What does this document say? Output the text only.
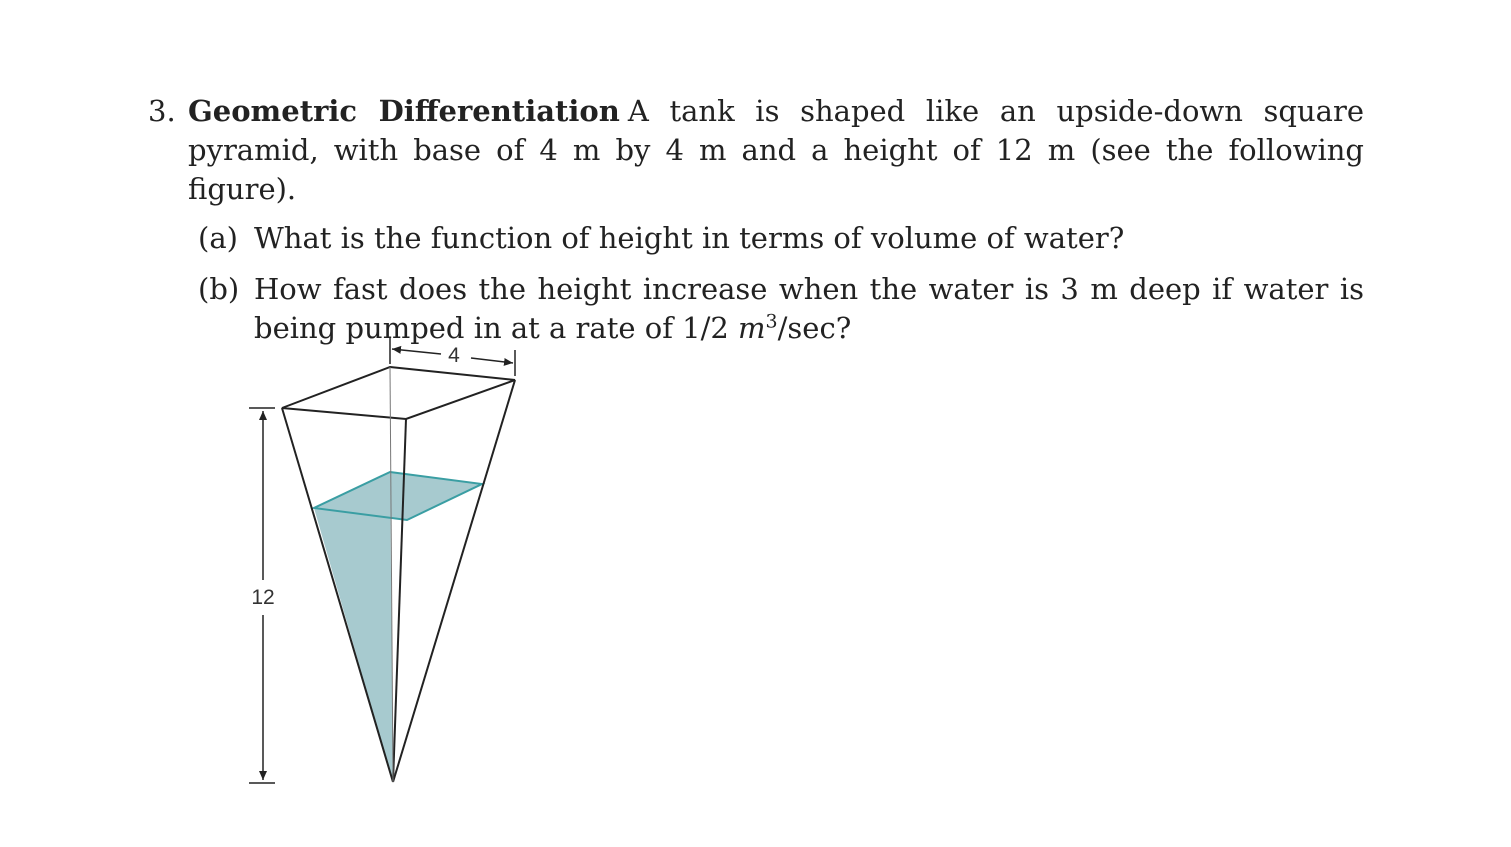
3. Geometric Differentiation A tank is shaped like an upside-down square pyramid, with base of 4 m by 4 m and a height of 12 m (see the following figure).
(a) What is the function of height in terms of volume of water?
(b) How fast does the height increase when the water is 3 m deep if water is being pumped in at a rate of 1/2 $m^3/\sec$?
4
12
